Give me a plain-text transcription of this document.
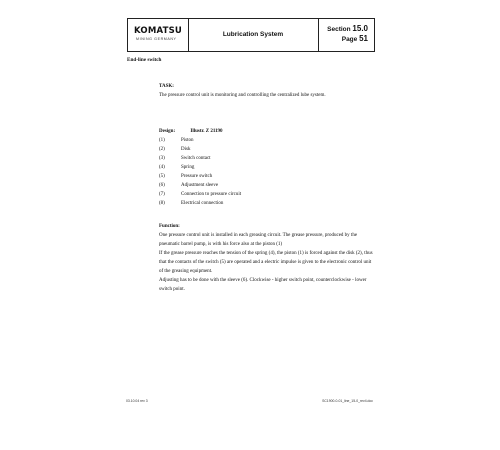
KOMATSU
MINING GERMANY
Lubrication System
Section 15.0
Page 51
End-line switch
TASK:
The pressure control unit is monitoring and controlling the centralized lube system.
Design:	Illustr. Z 21190
(1)	Piston
(2)	Disk
(3)	Switch contact
(4)	Spring
(5)	Pressure switch
(6)	Adjustment sleeve
(7)	Connection to pressure circuit
(8)	Electrical connection
Function:

One pressure control unit is installed in each greasing circuit. The grease pressure, produced by the pneumatic barrel pump, is with his force also at the piston (1)

If the grease pressure reaches the tension of the spring (4), the piston (1) is forced against the disk (2), thus that the contacts of the switch (5) are operated and a electric impulse is given to the electronic control unit of the greasing equipment.

Adjusting has to be done with the sleeve (6). Clockwise - higher switch point, counterclockwise - lower switch point.

03.10.04 rev 3	SC1900-0-01_line_15-0_rev4.doc
